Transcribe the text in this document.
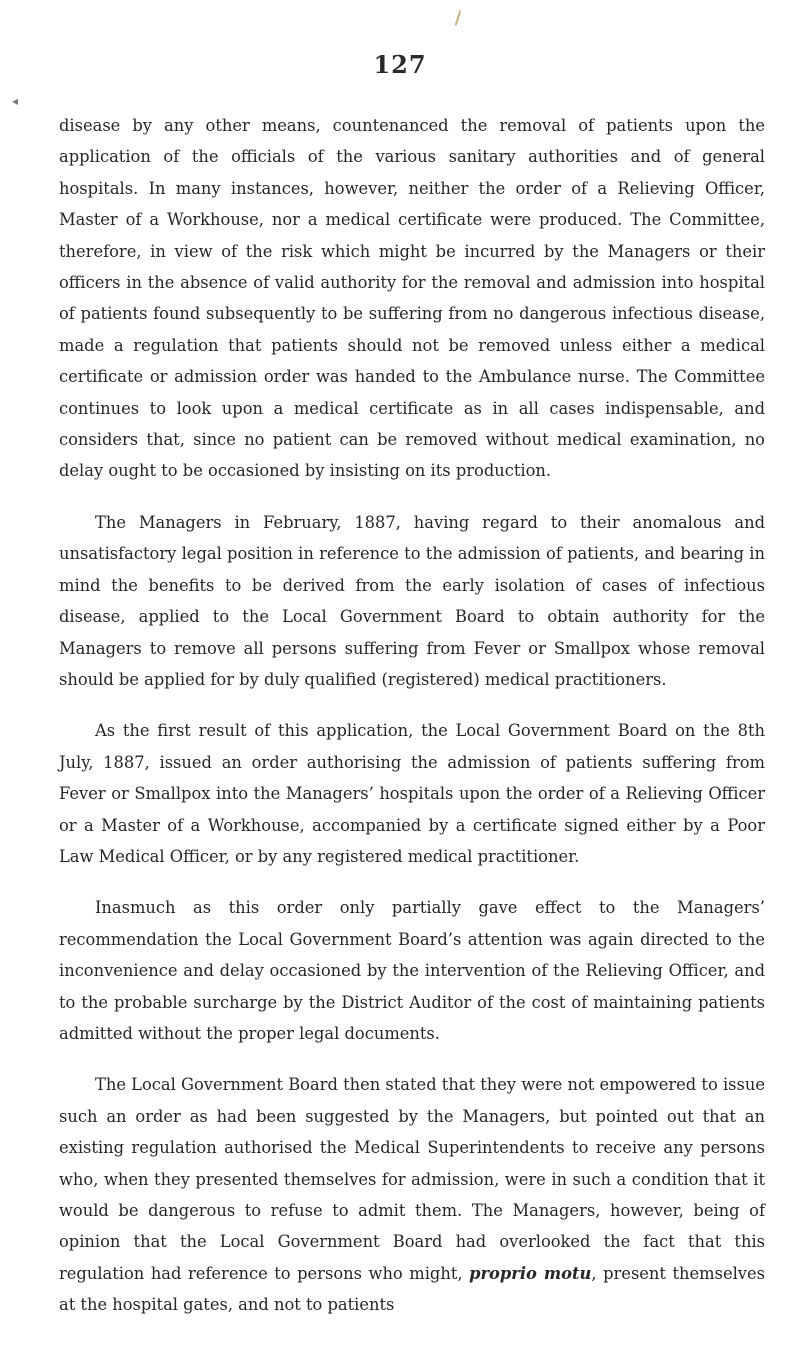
◂
127

disease by any other means, countenanced the removal of patients upon the application of the officials of the various sanitary authorities and of general hospitals. In many instances, however, neither the order of a Relieving Officer, Master of a Workhouse, nor a medical certificate were produced. The Committee, therefore, in view of the risk which might be incurred by the Managers or their officers in the absence of valid authority for the removal and admission into hospital of patients found subsequently to be suffering from no dangerous infectious disease, made a regulation that patients should not be removed unless either a medical certificate or admission order was handed to the Ambulance nurse. The Committee continues to look upon a medical certificate as in all cases indispensable, and considers that, since no patient can be removed without medical examination, no delay ought to be occasioned by insisting on its production.

The Managers in February, 1887, having regard to their anomalous and unsatisfactory legal position in reference to the admission of patients, and bearing in mind the benefits to be derived from the early isolation of cases of infectious disease, applied to the Local Government Board to obtain authority for the Managers to remove all persons suffering from Fever or Smallpox whose removal should be applied for by duly qualified (registered) medical practitioners.

As the first result of this application, the Local Government Board on the 8th July, 1887, issued an order authorising the admission of patients suffering from Fever or Smallpox into the Managers’ hospitals upon the order of a Relieving Officer or a Master of a Workhouse, accompanied by a certificate signed either by a Poor Law Medical Officer, or by any registered medical practitioner.

Inasmuch as this order only partially gave effect to the Managers’ recommendation the Local Government Board’s attention was again directed to the inconvenience and delay occasioned by the intervention of the Relieving Officer, and to the probable surcharge by the District Auditor of the cost of maintaining patients admitted without the proper legal documents.

The Local Government Board then stated that they were not empowered to issue such an order as had been suggested by the Managers, but pointed out that an existing regulation authorised the Medical Superintendents to receive any persons who, when they presented themselves for admission, were in such a condition that it would be dangerous to refuse to admit them. The Managers, however, being of opinion that the Local Government Board had overlooked the fact that this regulation had reference to persons who might, proprio motu, present themselves at the hospital gates, and not to patients
